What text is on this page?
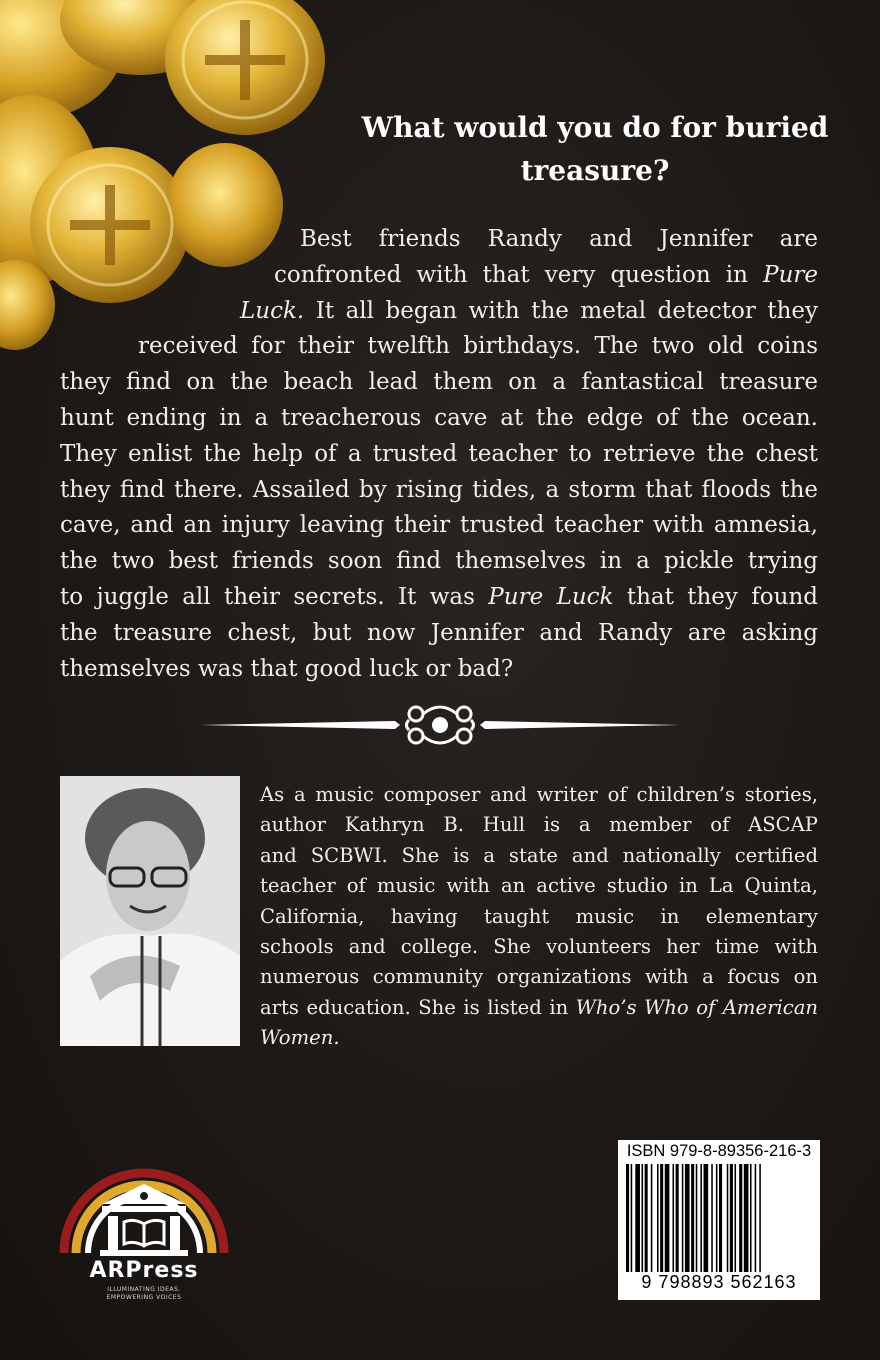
What would you do for buried
treasure?
Best friends Randy and Jennifer are
confronted with that very question in Pure
Luck. It all began with the metal detector they
received for their twelfth birthdays. The two old coins
they find on the beach lead them on a fantastical treasure
hunt ending in a treacherous cave at the edge of the ocean.
They enlist the help of a trusted teacher to retrieve the chest
they find there. Assailed by rising tides, a storm that floods the
cave, and an injury leaving their trusted teacher with amnesia,
the two best friends soon find themselves in a pickle trying
to juggle all their secrets. It was Pure Luck that they found
the treasure chest, but now Jennifer and Randy are asking
themselves was that good luck or bad?
As a music composer and writer of children’s stories,
author Kathryn B. Hull is a member of ASCAP
and SCBWI. She is a state and nationally certified
teacher of music with an active studio in La Quinta,
California, having taught music in elementary
schools and college. She volunteers her time with
numerous community organizations with a focus on
arts education. She is listed in Who’s Who of American
Women.
ARPress
ILLUMINATING IDEAS.
EMPOWERING VOICES
ISBN 979-8-89356-216-3
9 798893 562163
